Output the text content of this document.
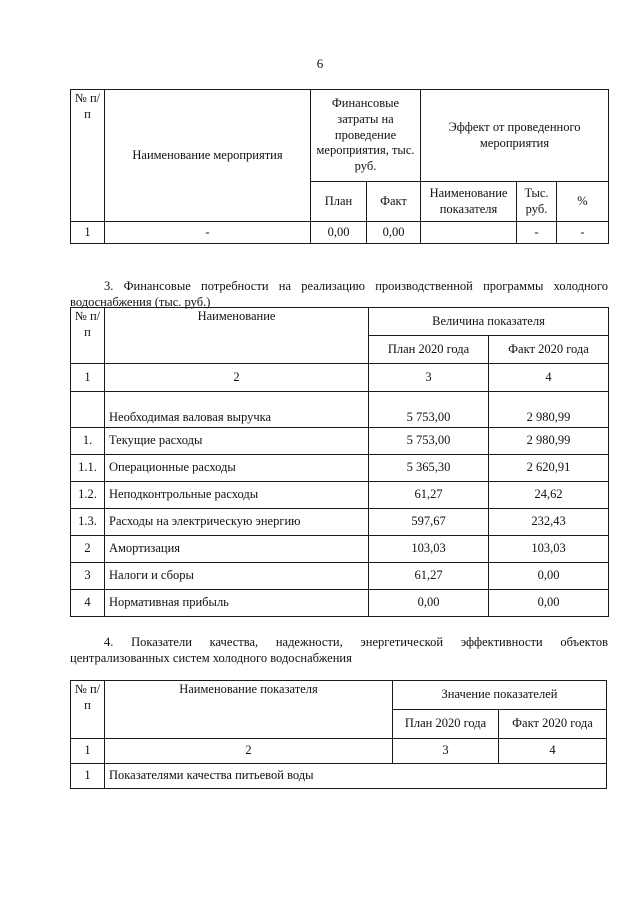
6
№ п/п	Наименование мероприятия	Финансовые затраты на проведение мероприятия, тыс. руб.		Эффект от проведенного мероприятия		
		План	Факт	Наименование показателя	Тыс. руб.	%
1	-	0,00	0,00		-	-
3. Финансовые потребности на реализацию производственной программы холодного
водоснабжения (тыс. руб.)
№ п/п	Наименование	Величина показателя	
		План 2020 года	Факт 2020 года
1	2	3	4
	Необходимая валовая выручка	5 753,00	2 980,99
1.	Текущие расходы	5 753,00	2 980,99
1.1.	Операционные расходы	5 365,30	2 620,91
1.2.	Неподконтрольные расходы	61,27	24,62
1.3.	Расходы на электрическую энергию	597,67	232,43
2	Амортизация	103,03	103,03
3	Налоги и сборы	61,27	0,00
4	Нормативная прибыль	0,00	0,00
4. Показатели качества, надежности, энергетической эффективности объектов
централизованных систем холодного водоснабжения
№ п/п	Наименование показателя	Значение показателей	
		План 2020 года	Факт 2020 года
1	2	3	4
1	Показателями качества питьевой воды		
